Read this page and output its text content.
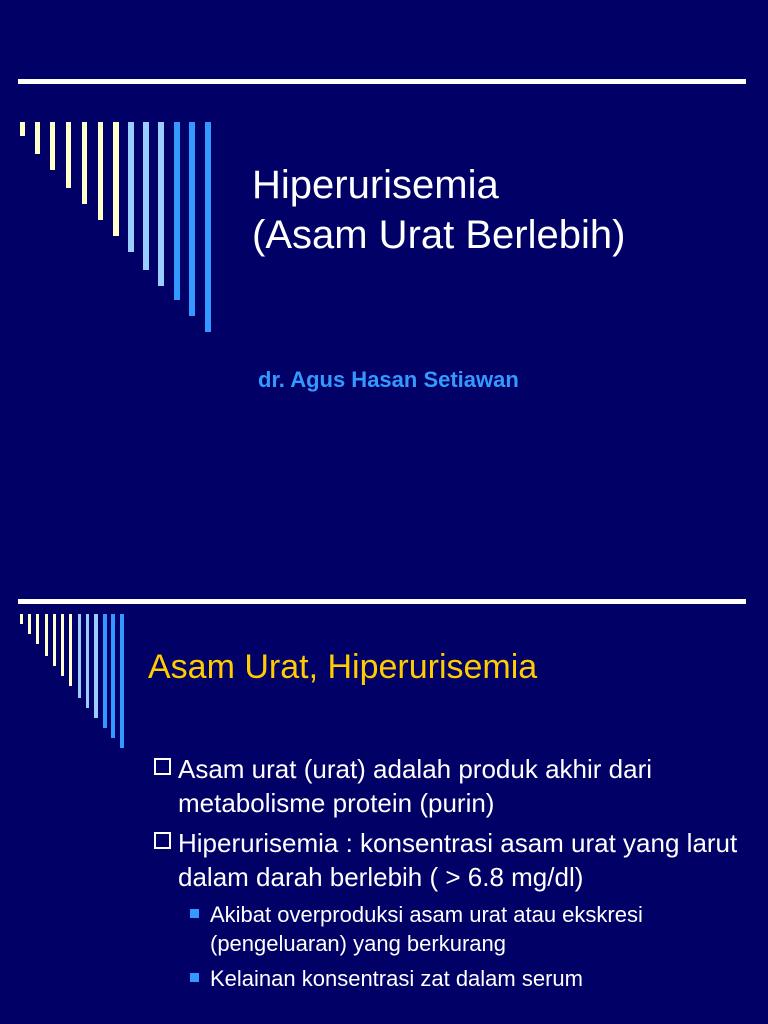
Hiperurisemia
(Asam Urat Berlebih)
dr. Agus Hasan Setiawan
Asam Urat, Hiperurisemia
Asam urat (urat) adalah produk akhir dari metabolisme protein (purin)
Hiperurisemia : konsentrasi asam urat yang larut dalam darah berlebih ( > 6.8 mg/dl)
Akibat overproduksi asam urat atau ekskresi (pengeluaran) yang berkurang
Kelainan konsentrasi zat dalam serum
